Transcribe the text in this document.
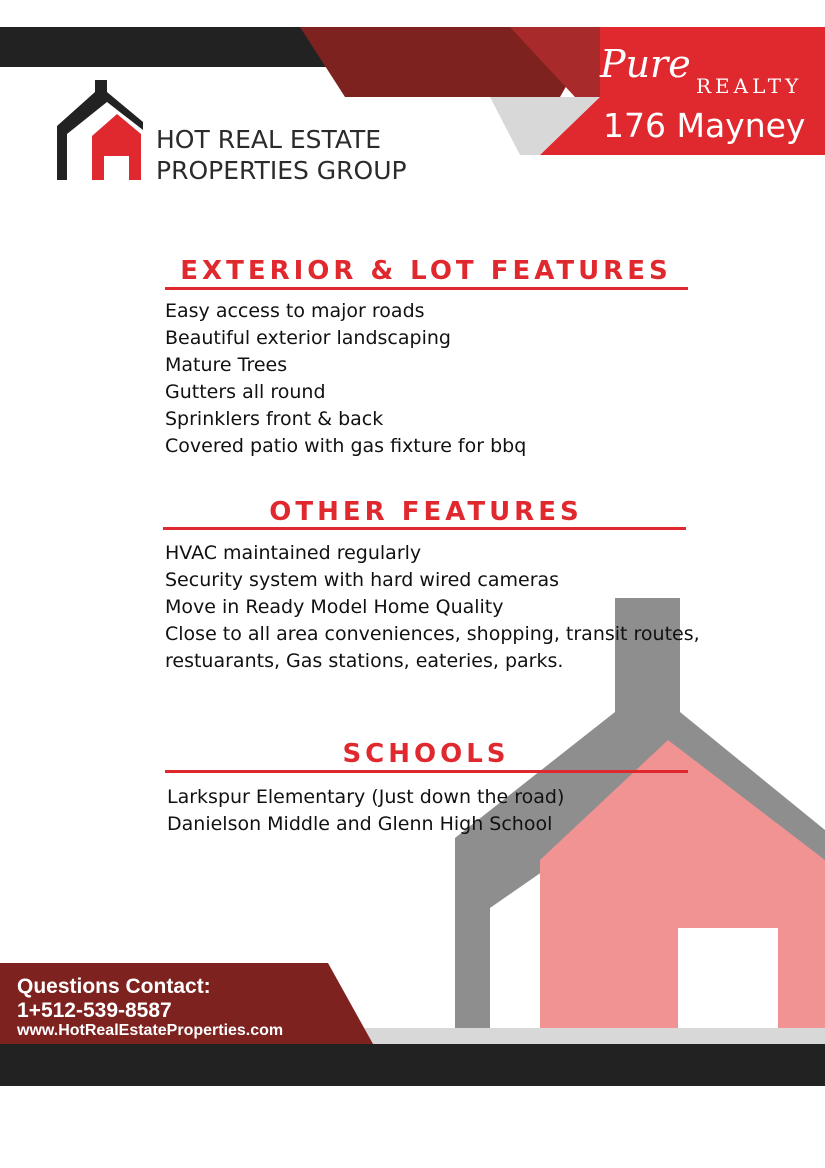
Pure REALTY
176 Mayney
HOT REAL ESTATE
PROPERTIES GROUP
EXTERIOR & LOT FEATURES
Easy access to major roads
Beautiful exterior landscaping
Mature Trees
Gutters all round
Sprinklers front & back
Covered patio with gas fixture for bbq
OTHER FEATURES
HVAC maintained regularly
Security system with hard wired cameras
Move in Ready Model Home Quality
Close to all area conveniences, shopping, transit routes,
restuarants, Gas stations, eateries, parks.
SCHOOLS
Larkspur Elementary (Just down the road)
Danielson Middle and Glenn High School
Questions Contact:
1+512-539-8587
www.HotRealEstateProperties.com
